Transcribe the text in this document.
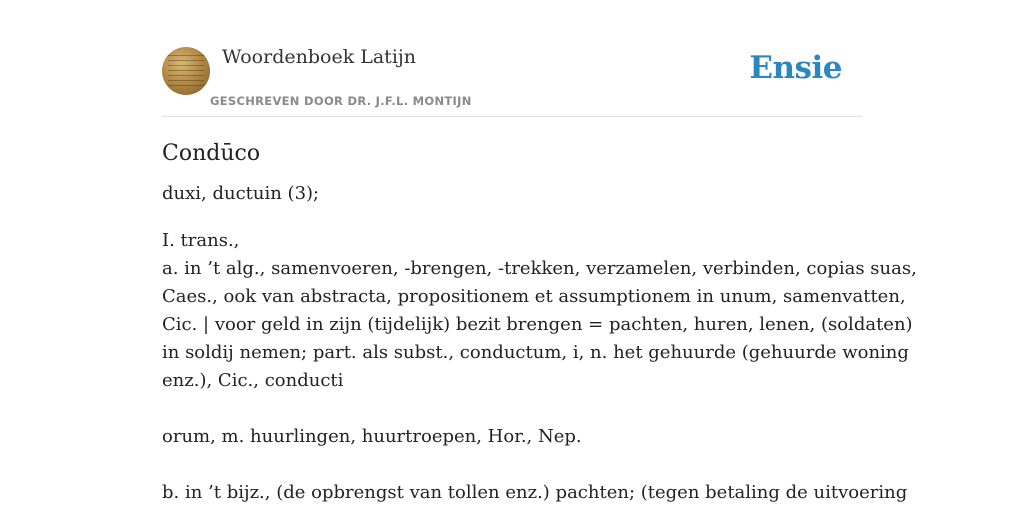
Woordenboek Latijn
GESCHREVEN DOOR DR. J.F.L. MONTIJN
Ensie
Condūco

duxi, ductuin (3);

I. trans.,
a. in ’t alg., samenvoeren, -brengen, -trekken, verzamelen, verbinden, copias suas,
Caes., ook van abstracta, propositionem et assumptionem in unum, samenvatten,
Cic. | voor geld in zijn (tijdelijk) bezit brengen = pachten, huren, lenen, (soldaten)
in soldij nemen; part. als subst., conductum, i, n. het gehuurde (gehuurde woning
enz.), Cic., conducti
orum, m. huurlingen, huurtroepen, Hor., Nep.
b. in ’t bijz., (de opbrengst van tollen enz.) pachten; (tegen betaling de uitvoering
